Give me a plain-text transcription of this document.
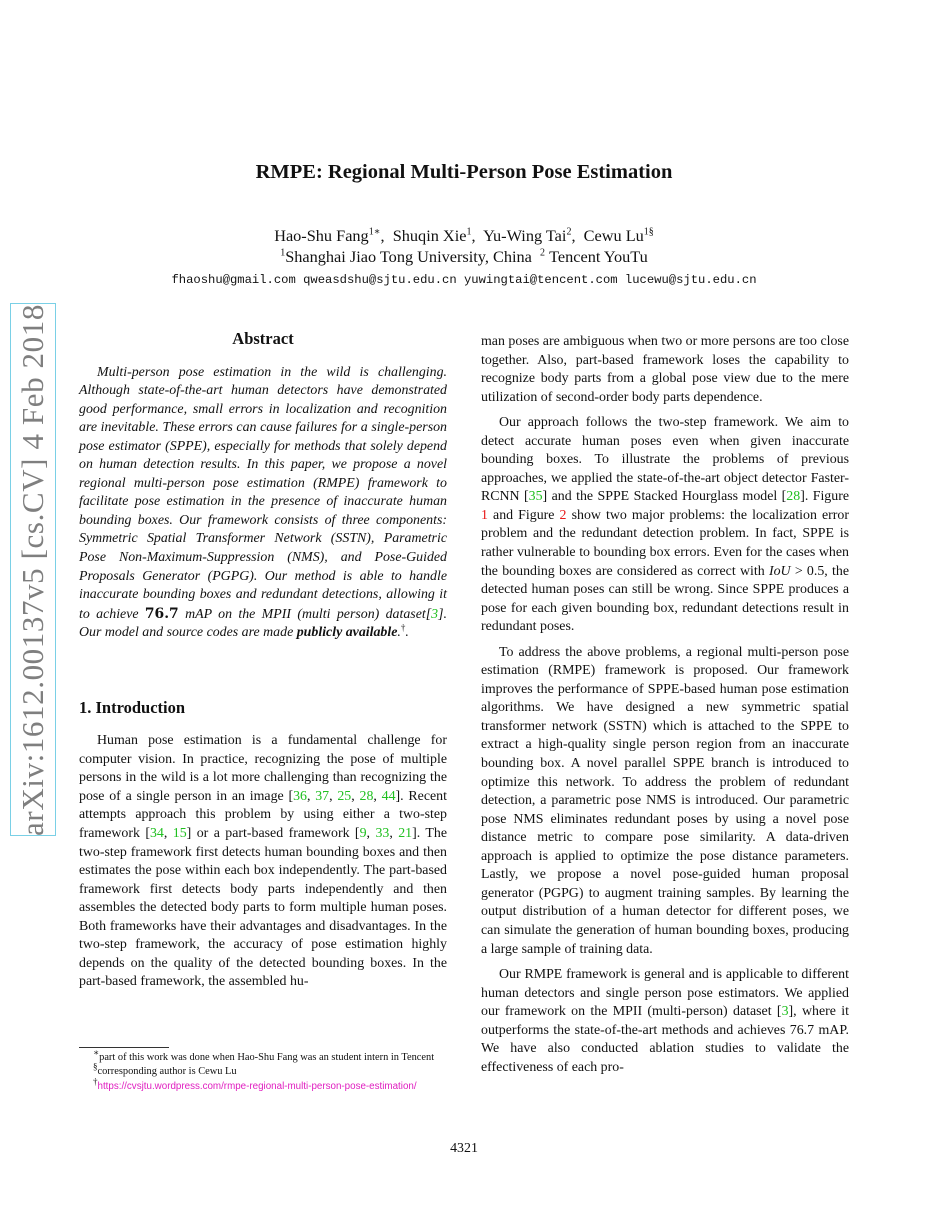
arXiv:1612.00137v5 [cs.CV] 4 Feb 2018
RMPE: Regional Multi-Person Pose Estimation
Hao-Shu Fang$^{1∗}$,  Shuqin Xie$^1$,  Yu-Wing Tai$^2$,  Cewu $Lu^{1\S}$
$^1$Shanghai Jiao Tong University, China $^2$ Tencent YouTu
fhaoshu@gmail.com qweasdshu@sjtu.edu.cn yuwingtai@tencent.com lucewu@sjtu.edu.cn

Abstract

Multi-person pose estimation in the wild is challenging. Although state-of-the-art human detectors have demonstrated good performance, small errors in localization and recognition are inevitable. These errors can cause failures for a single-person pose estimator (SPPE), especially for methods that solely depend on human detection results. In this paper, we propose a novel regional multi-person pose estimation (RMPE) framework to facilitate pose estimation in the presence of inaccurate human bounding boxes. Our framework consists of three components: Symmetric Spatial Transformer Network (SSTN), Parametric Pose Non-Maximum-Suppression (NMS), and Pose-Guided Proposals Generator (PGPG). Our method is able to handle inaccurate bounding boxes and redundant detections, allowing it to achieve 76.7 mAP on the MPII (multi person) dataset[3]. Our model and source codes are made publicly available.†.

1. Introduction

Human pose estimation is a fundamental challenge for computer vision. In practice, recognizing the pose of multiple persons in the wild is a lot more challenging than recognizing the pose of a single person in an image [36, 37, 25, 28, 44]. Recent attempts approach this problem by using either a two-step framework [34, 15] or a part-based framework [9, 33, 21]. The two-step framework first detects human bounding boxes and then estimates the pose within each box independently. The part-based framework first detects body parts independently and then assembles the detected body parts to form multiple human poses. Both frameworks have their advantages and disadvantages. In the two-step framework, the accuracy of pose estimation highly depends on the quality of the detected bounding boxes. In the part-based framework, the assembled hu-

man poses are ambiguous when two or more persons are too close together. Also, part-based framework loses the capability to recognize body parts from a global pose view due to the mere utilization of second-order body parts dependence.

Our approach follows the two-step framework. We aim to detect accurate human poses even when given inaccurate bounding boxes. To illustrate the problems of previous approaches, we applied the state-of-the-art object detector Faster-RCNN [35] and the SPPE Stacked Hourglass model [28]. Figure 1 and Figure 2 show two major problems: the localization error problem and the redundant detection problem. In fact, SPPE is rather vulnerable to bounding box errors. Even for the cases when the bounding boxes are considered as correct with IoU > 0.5, the detected human poses can still be wrong. Since SPPE produces a pose for each given bounding box, redundant detections result in redundant poses.

To address the above problems, a regional multi-person pose estimation (RMPE) framework is proposed. Our framework improves the performance of SPPE-based human pose estimation algorithms. We have designed a new symmetric spatial transformer network (SSTN) which is attached to the SPPE to extract a high-quality single person region from an inaccurate bounding box. A novel parallel SPPE branch is introduced to optimize this network. To address the problem of redundant detection, a parametric pose NMS is introduced. Our parametric pose NMS eliminates redundant poses by using a novel pose distance metric to compare pose similarity. A data-driven approach is applied to optimize the pose distance parameters. Lastly, we propose a novel pose-guided human proposal generator (PGPG) to augment training samples. By learning the output distribution of a human detector for different poses, we can simulate the generation of human bounding boxes, producing a large sample of training data.

Our RMPE framework is general and is applicable to different human detectors and single person pose estimators. We applied our framework on the MPII (multi-person) dataset [3], where it outperforms the state-of-the-art methods and achieves 76.7 mAP. We have also conducted ablation studies to validate the effectiveness of each pro-

∗part of this work was done when Hao-Shu Fang was an student intern in Tencent

§corresponding author is Cewu Lu

†https://cvsjtu.wordpress.com/rmpe-regional-multi-person-pose-estimation/

4321
